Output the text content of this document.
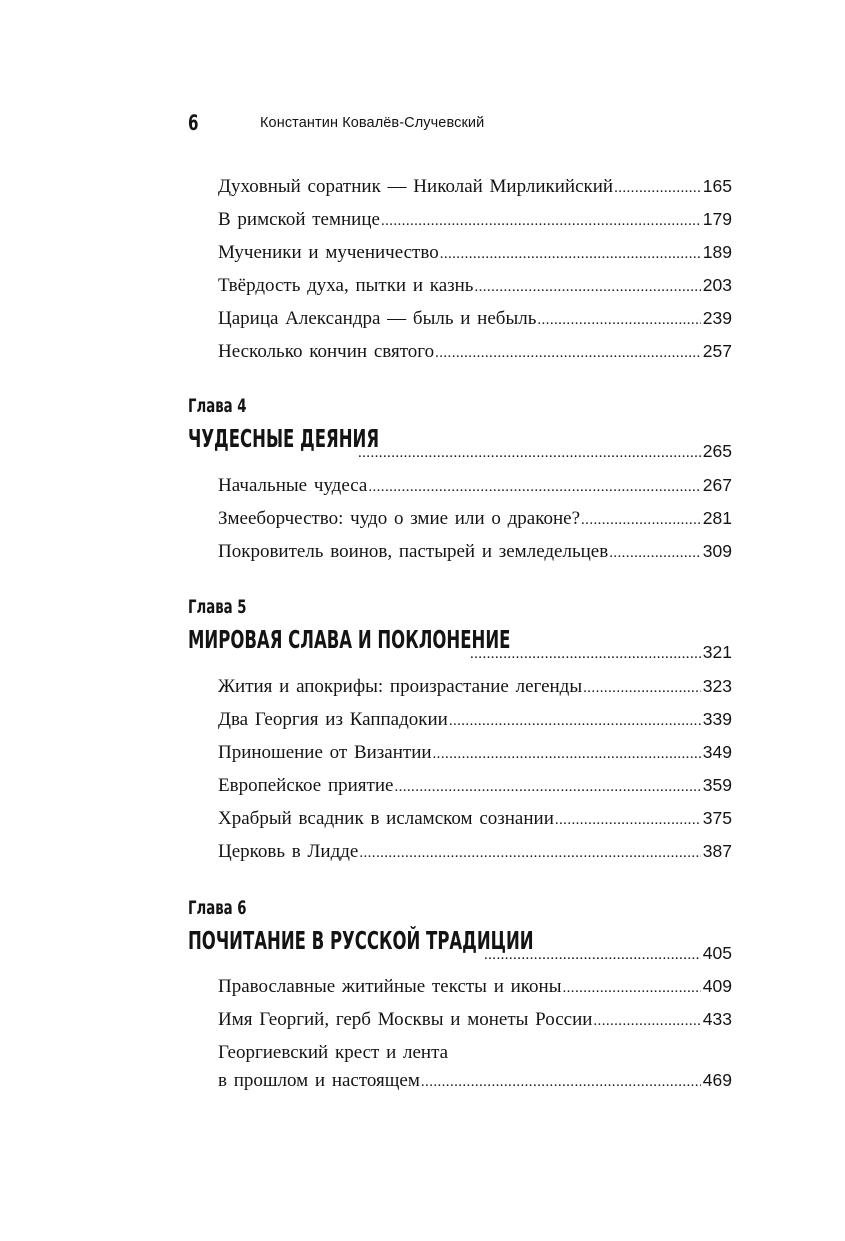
6	Константин Ковалёв-Случевский
Духовный соратник — Николай Мирликийский .....	165
В римской темнице .....	179
Мученики и мученичество .....	189
Твёрдость духа, пытки и казнь .....	203
Царица Александра — быль и небыль .....	239
Несколько кончин святого .....	257
Глава 4
ЧУДЕСНЫЕ ДЕЯНИЯ .....	265
Начальные чудеса .....	267
Змееборчество: чудо о змие или о драконе? .....	281
Покровитель воинов, пастырей и земледельцев .....	309
Глава 5
МИРОВАЯ СЛАВА И ПОКЛОНЕНИЕ .....	321
Жития и апокрифы: произрастание легенды .....	323
Два Георгия из Каппадокии .....	339
Приношение от Византии .....	349
Европейское приятие .....	359
Храбрый всадник в исламском сознании .....	375
Церковь в Лидде .....	387
Глава 6
ПОЧИТАНИЕ В РУССКОЙ ТРАДИЦИИ .....	405
Православные житийные тексты и иконы .....	409
Имя Георгий, герб Москвы и монеты России .....	433
Георгиевский крест и лента
в прошлом и настоящем .....	469
